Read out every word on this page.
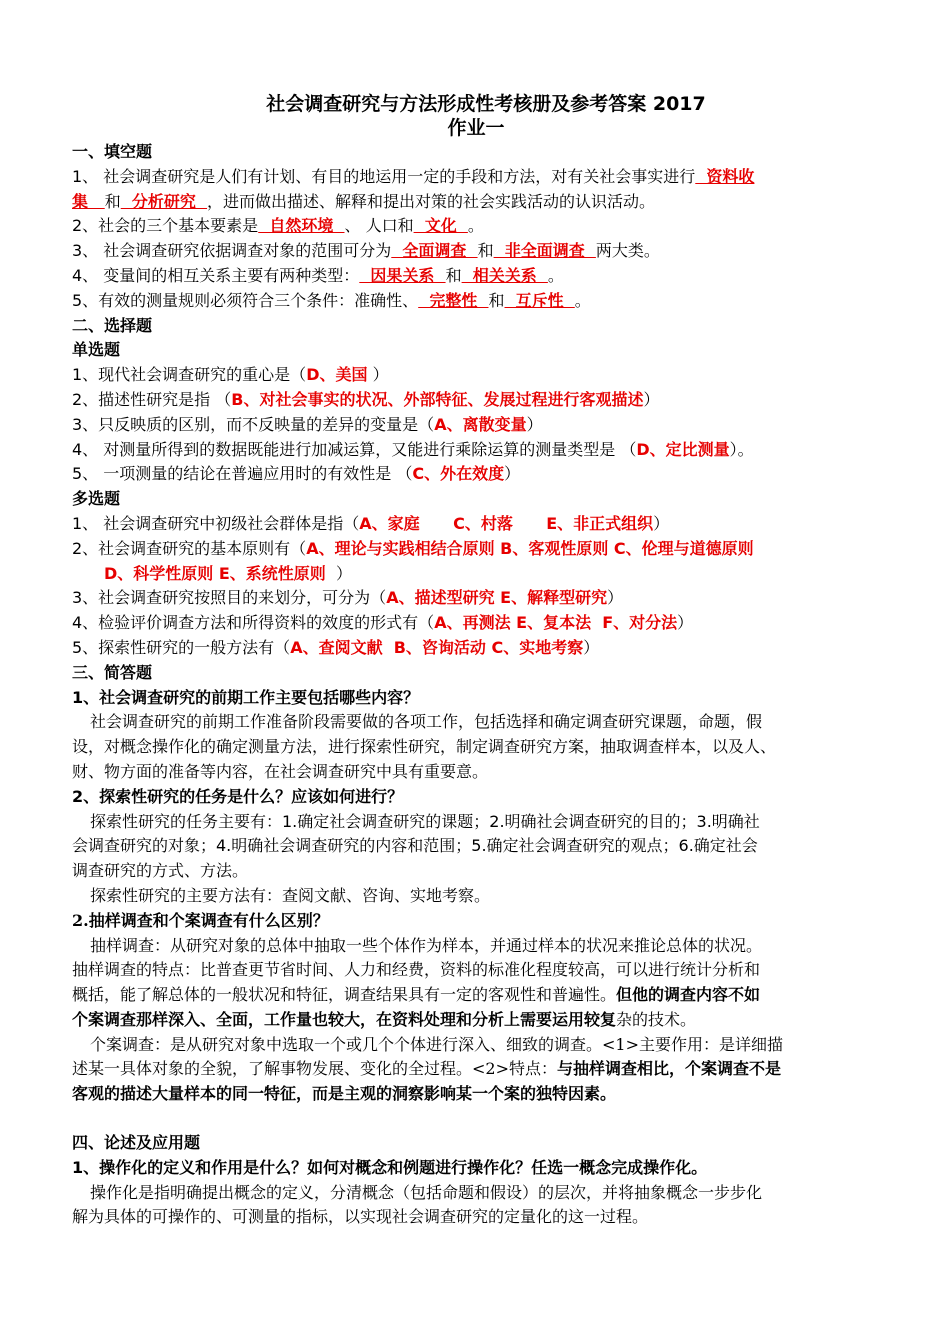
社会调查研究与方法形成性考核册及参考答案 2017
作业一
一、填空题
1、 社会调查研究是人们有计划、有目的地运用一定的手段和方法，对有关社会事实进行  资料收
集   和  分析研究  ，进而做出描述、解释和提出对策的社会实践活动的认识活动。
2、社会的三个基本要素是  自然环境  、 人口和  文化  。
3、 社会调查研究依据调查对象的范围可分为  全面调查  和  非全面调查  两大类。
4、 变量间的相互关系主要有两种类型：  因果关系  和  相关关系  。
5、有效的测量规则必须符合三个条件：准确性、  完整性  和  互斥性  。
二、选择题
单选题
1、现代社会调查研究的重心是（D、美国 ）
2、描述性研究是指 （B、对社会事实的状况、外部特征、发展过程进行客观描述）
3、只反映质的区别，而不反映量的差异的变量是（A、离散变量）
4、 对测量所得到的数据既能进行加减运算，又能进行乘除运算的测量类型是 （D、定比测量）。
5、 一项测量的结论在普遍应用时的有效性是 （C、外在效度）
多选题
1、 社会调查研究中初级社会群体是指（A、家庭      C、村落      E、非正式组织）
2、社会调查研究的基本原则有（A、理论与实践相结合原则 B、客观性原则 C、伦理与道德原则
D、科学性原则 E、系统性原则  ）
3、社会调查研究按照目的来划分，可分为（A、描述型研究 E、解释型研究）
4、检验评价调查方法和所得资料的效度的形式有（A、再测法 E、复本法  F、对分法）
5、探索性研究的一般方法有（A、查阅文献  B、咨询活动 C、实地考察）
三、简答题
1、社会调查研究的前期工作主要包括哪些内容？
社会调查研究的前期工作准备阶段需要做的各项工作，包括选择和确定调查研究课题，命题，假
设，对概念操作化的确定测量方法，进行探索性研究，制定调查研究方案，抽取调查样本，以及人、
财、物方面的准备等内容，在社会调查研究中具有重要意。
2、探索性研究的任务是什么？应该如何进行？
探索性研究的任务主要有：1.确定社会调查研究的课题；2.明确社会调查研究的目的；3.明确社
会调查研究的对象；4.明确社会调查研究的内容和范围；5.确定社会调查研究的观点；6.确定社会
调查研究的方式、方法。
探索性研究的主要方法有：查阅文献、咨询、实地考察。
2.抽样调查和个案调查有什么区别？
抽样调查：从研究对象的总体中抽取一些个体作为样本，并通过样本的状况来推论总体的状况。
抽样调查的特点：比普查更节省时间、人力和经费，资料的标准化程度较高，可以进行统计分析和
概括，能了解总体的一般状况和特征，调查结果具有一定的客观性和普遍性。但他的调查内容不如
个案调查那样深入、全面，工作量也较大，在资料处理和分析上需要运用较复杂的技术。
个案调查：是从研究对象中选取一个或几个个体进行深入、细致的调查。<1>主要作用：是详细描
述某一具体对象的全貌，了解事物发展、变化的全过程。<2>特点：与抽样调查相比，个案调查不是
客观的描述大量样本的同一特征，而是主观的洞察影响某一个案的独特因素。
四、论述及应用题
1、操作化的定义和作用是什么？如何对概念和例题进行操作化？任选一概念完成操作化。
操作化是指明确提出概念的定义，分清概念（包括命题和假设）的层次，并将抽象概念一步步化
解为具体的可操作的、可测量的指标，以实现社会调查研究的定量化的这一过程。
